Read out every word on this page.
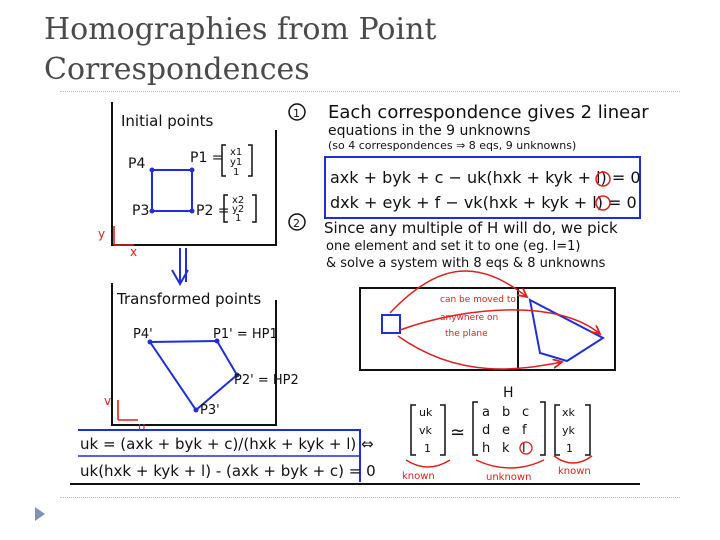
Homographies from Point
Correspondences
Initial points
P4	P1 =
P3	P2 =
x1
y1
1
x2
y2
1
y
x
Transformed points
P4'	P1' = HP1
P2' = HP2
P3'
v
u
uk = (axk + byk + c)/(hxk + kyk + l) ⇔
uk(hxk + kyk + l) - (axk + byk + c) = 0
1 Each correspondence gives 2 linear
equations in the 9 unknowns
(so 4 correspondences ⇒ 8 eqs, 9 unknowns)
axk + byk + c − uk(hxk + kyk + l) = 0
dxk + eyk + f − vk(hxk + kyk + l) = 0
2 Since any multiple of H will do, we pick
one element and set it to one (eg. l=1)
& solve a system with 8 eqs & 8 unknowns
can be moved to
anywhere on
the plane
H
uk
vk
1
≃
a b c
d e f
h k l
xk
yk
1
known	unknown
known
